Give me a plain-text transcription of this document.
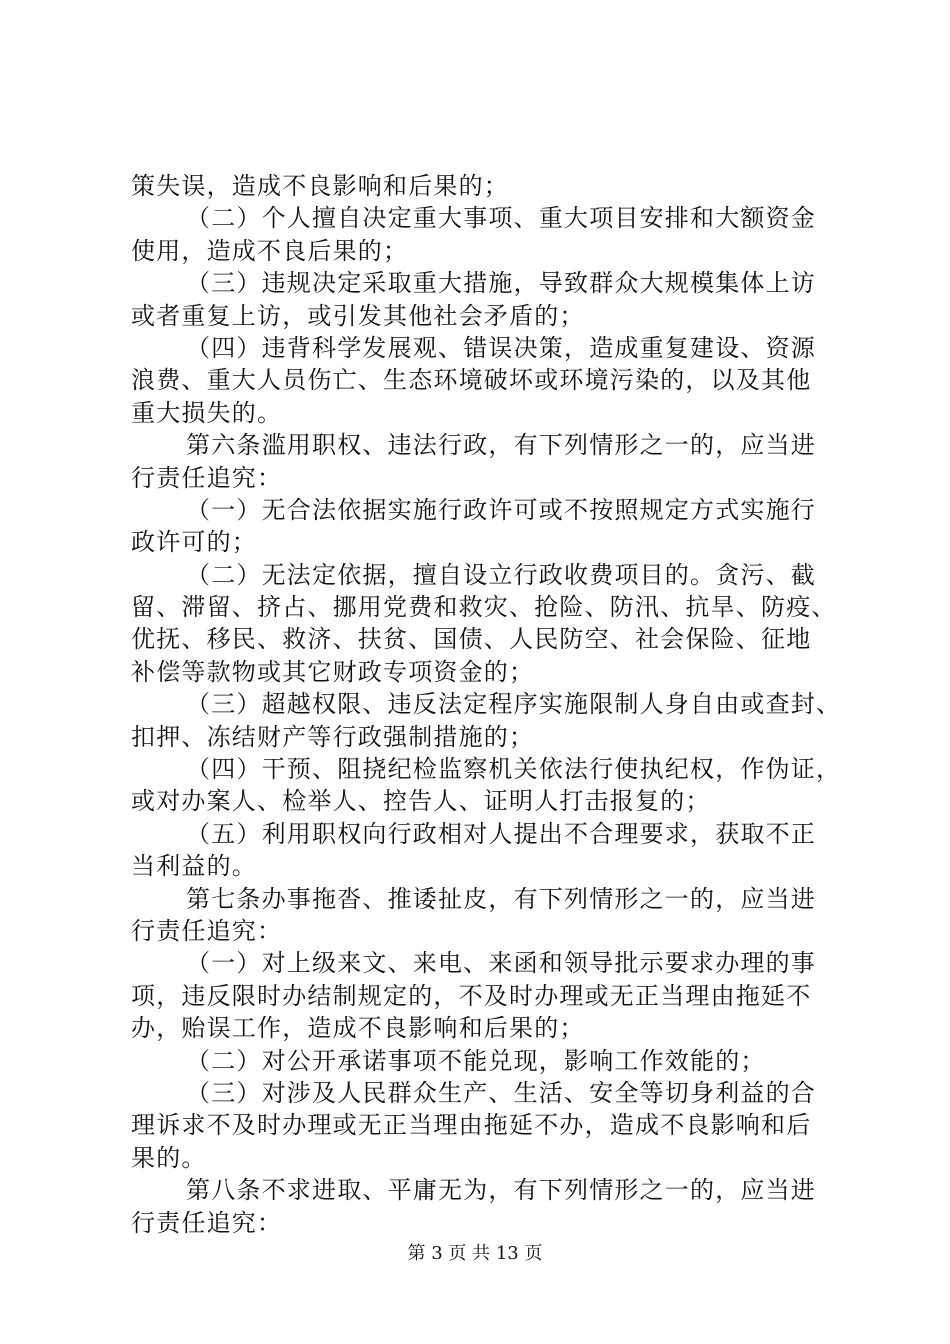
策失误，造成不良影响和后果的；
（二）个人擅自决定重大事项、重大项目安排和大额资金
使用，造成不良后果的；
（三）违规决定采取重大措施，导致群众大规模集体上访
或者重复上访，或引发其他社会矛盾的；
（四）违背科学发展观、错误决策，造成重复建设、资源
浪费、重大人员伤亡、生态环境破坏或环境污染的，以及其他
重大损失的。
第六条滥用职权、违法行政，有下列情形之一的，应当进
行责任追究：
（一）无合法依据实施行政许可或不按照规定方式实施行
政许可的；
（二）无法定依据，擅自设立行政收费项目的。贪污、截
留、滞留、挤占、挪用党费和救灾、抢险、防汛、抗旱、防疫、
优抚、移民、救济、扶贫、国债、人民防空、社会保险、征地
补偿等款物或其它财政专项资金的；
（三）超越权限、违反法定程序实施限制人身自由或查封、
扣押、冻结财产等行政强制措施的；
（四）干预、阻挠纪检监察机关依法行使执纪权，作伪证，
或对办案人、检举人、控告人、证明人打击报复的；
（五）利用职权向行政相对人提出不合理要求，获取不正
当利益的。
第七条办事拖沓、推诿扯皮，有下列情形之一的，应当进
行责任追究：
（一）对上级来文、来电、来函和领导批示要求办理的事
项，违反限时办结制规定的，不及时办理或无正当理由拖延不
办，贻误工作，造成不良影响和后果的；
（二）对公开承诺事项不能兑现，影响工作效能的；
（三）对涉及人民群众生产、生活、安全等切身利益的合
理诉求不及时办理或无正当理由拖延不办，造成不良影响和后
果的。
第八条不求进取、平庸无为，有下列情形之一的，应当进
行责任追究：
第 3 页 共 13 页
